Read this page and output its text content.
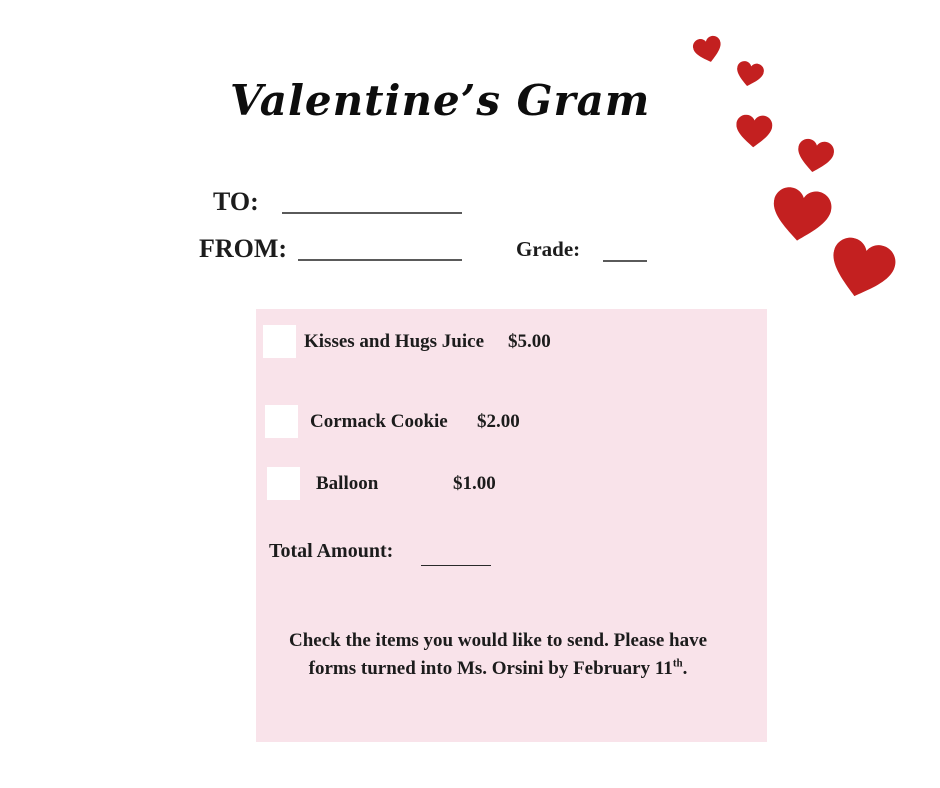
Valentine’s Gram
TO:
FROM:	Grade:
Kisses and Hugs Juice $5.00
Cormack Cookie $2.00
Balloon	$1.00
Total Amount:

Check the items you would like to send. Please have
forms turned into Ms. Orsini by February 11th.
